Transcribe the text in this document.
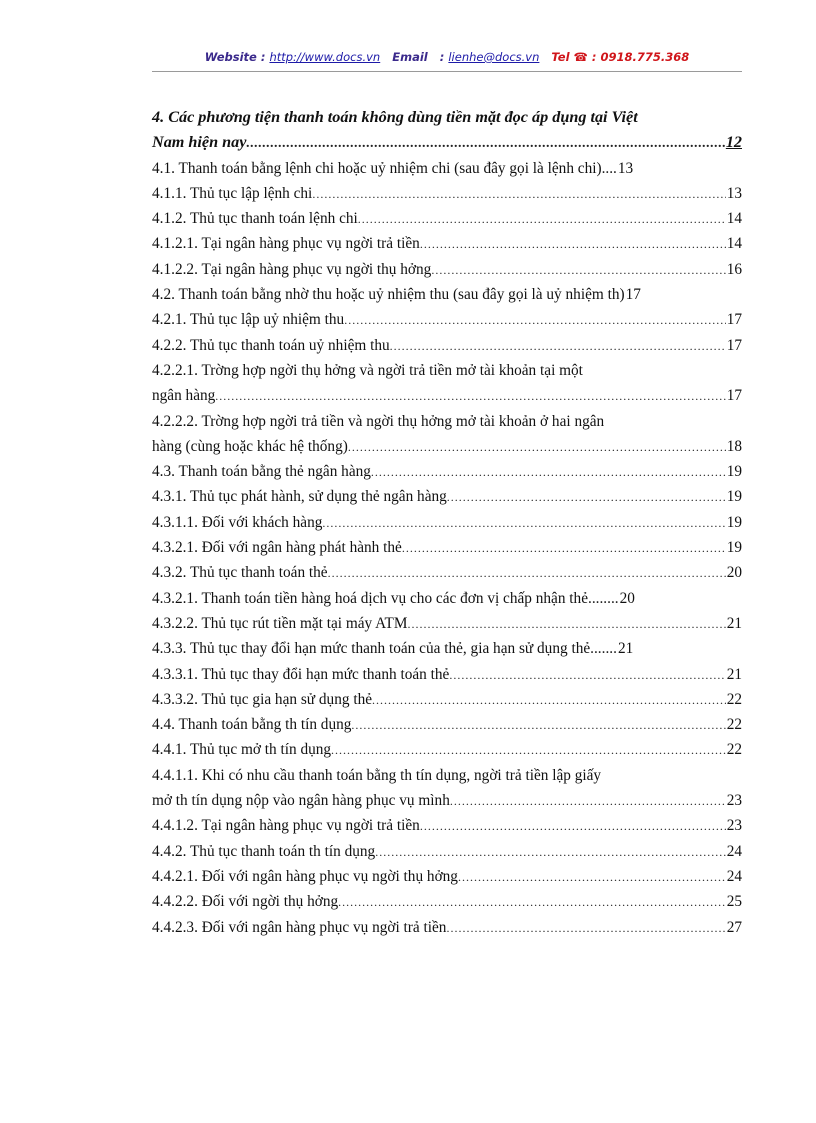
Website : http://www.docs.vn Email : lienhe@docs.vn Tel ☎ : 0918.775.368
4. Các phương tiện thanh toán không dùng tiền mặt đọc áp dụng tại Việt
Nam hiện nay .....	12
4.1. Thanh toán bằng lệnh chi hoặc uỷ nhiệm chi (sau đây gọi là lệnh chi) .... 13
4.1.1. Thủ tục lập lệnh chi .....	13
4.1.2. Thủ tục thanh toán lệnh chi .....	14
4.1.2.1. Tại ngân hàng phục vụ ngời trả tiền .....	14
4.1.2.2. Tại ngân hàng phục vụ ngời thụ hởng .....	16
4.2. Thanh toán bằng nhờ thu hoặc uỷ nhiệm thu (sau đây gọi là uỷ nhiệm th) 17
4.2.1. Thủ tục lập uỷ nhiệm thu .....	17
4.2.2. Thủ tục thanh toán uỷ nhiệm thu .....	17
4.2.2.1. Trờng hợp ngời thụ hởng và ngời trả tiền mở tài khoản tại một
ngân hàng .....	17
4.2.2.2. Trờng hợp ngời trả tiền và ngời thụ hởng mở tài khoản ở hai ngân
hàng (cùng hoặc khác hệ thống) .....	18
4.3. Thanh toán bằng thẻ ngân hàng .....	19
4.3.1. Thủ tục phát hành, sử dụng thẻ ngân hàng .....	19
4.3.1.1. Đối với khách hàng .....	19
4.3.2.1. Đối với ngân hàng phát hành thẻ .....	19
4.3.2. Thủ tục thanh toán thẻ .....	20
4.3.2.1. Thanh toán tiền hàng hoá dịch vụ cho các đơn vị chấp nhận thẻ ........ 20
4.3.2.2. Thủ tục rút tiền mặt tại máy ATM .....	21
4.3.3. Thủ tục thay đổi hạn mức thanh toán của thẻ, gia hạn sử dụng thẻ ....... 21
4.3.3.1. Thủ tục thay đổi hạn mức thanh toán thẻ .....	21
4.3.3.2. Thủ tục gia hạn sử dụng thẻ .....	22
4.4. Thanh toán bằng th tín dụng .....	22
4.4.1. Thủ tục mở th tín dụng .....	22
4.4.1.1. Khi có nhu cầu thanh toán bằng th tín dụng, ngời trả tiền lập giấy
mở th tín dụng nộp vào ngân hàng phục vụ mình .....	23
4.4.1.2. Tại ngân hàng phục vụ ngời trả tiền .....	23
4.4.2. Thủ tục thanh toán th tín dụng .....	24
4.4.2.1. Đối với ngân hàng phục vụ ngời thụ hởng .....	24
4.4.2.2. Đối với ngời thụ hởng .....	25
4.4.2.3. Đối với ngân hàng phục vụ ngời trả tiền .....	27
